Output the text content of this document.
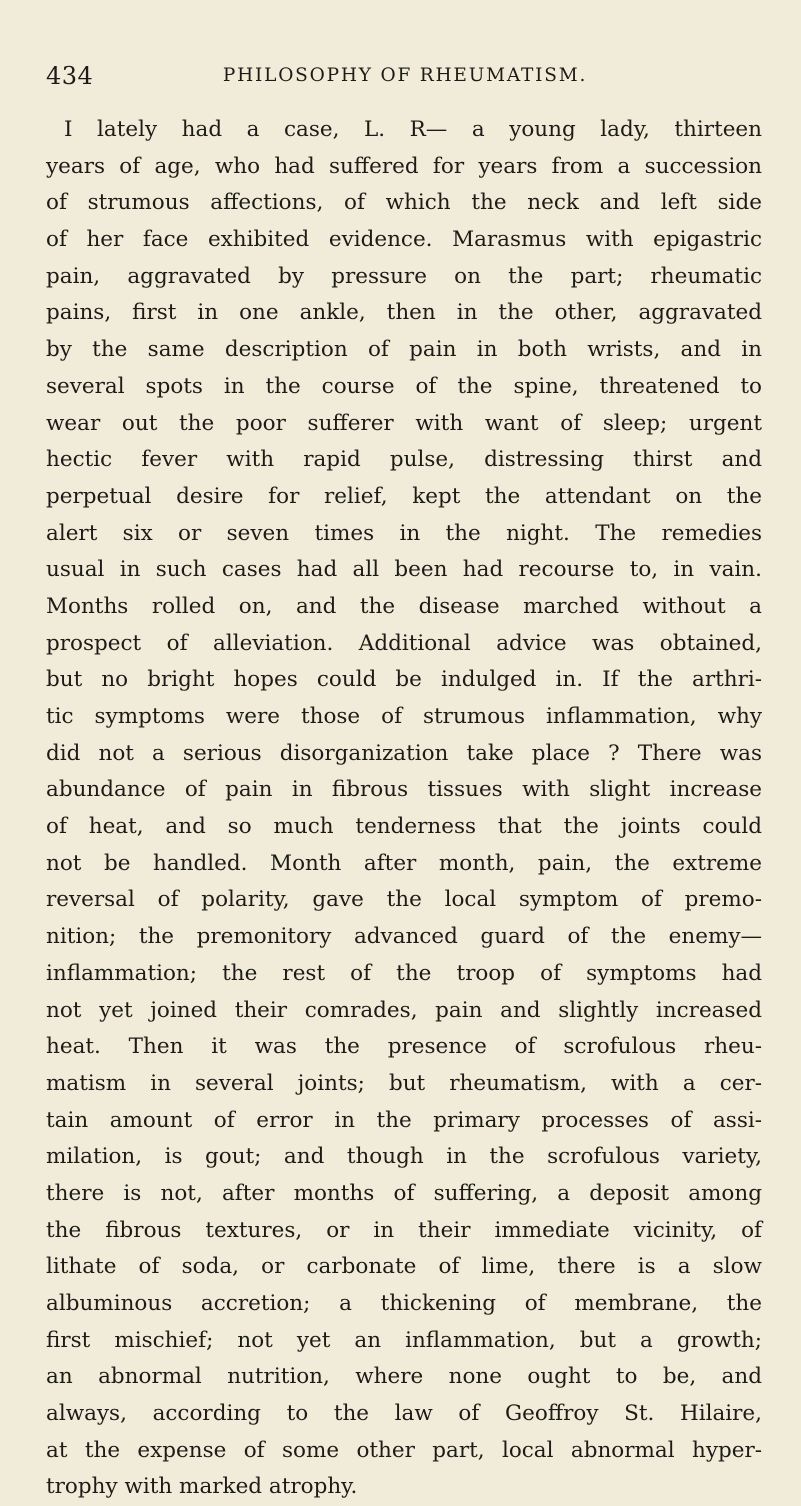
434	PHILOSOPHY OF RHEUMATISM.
I lately had a case, L. R— a young lady, thirteen
years of age, who had suffered for years from a succession
of strumous affections, of which the neck and left side
of her face exhibited evidence. Marasmus with epigastric
pain, aggravated by pressure on the part; rheumatic
pains, first in one ankle, then in the other, aggravated
by the same description of pain in both wrists, and in
several spots in the course of the spine, threatened to
wear out the poor sufferer with want of sleep; urgent
hectic fever with rapid pulse, distressing thirst and
perpetual desire for relief, kept the attendant on the
alert six or seven times in the night. The remedies
usual in such cases had all been had recourse to, in vain.
Months rolled on, and the disease marched without a
prospect of alleviation. Additional advice was obtained,
but no bright hopes could be indulged in. If the arthri-
tic symptoms were those of strumous inflammation, why
did not a serious disorganization take place ? There was
abundance of pain in fibrous tissues with slight increase
of heat, and so much tenderness that the joints could
not be handled. Month after month, pain, the extreme
reversal of polarity, gave the local symptom of premo-
nition; the premonitory advanced guard of the enemy—
inflammation; the rest of the troop of symptoms had
not yet joined their comrades, pain and slightly increased
heat. Then it was the presence of scrofulous rheu-
matism in several joints; but rheumatism, with a cer-
tain amount of error in the primary processes of assi-
milation, is gout; and though in the scrofulous variety,
there is not, after months of suffering, a deposit among
the fibrous textures, or in their immediate vicinity, of
lithate of soda, or carbonate of lime, there is a slow
albuminous accretion; a thickening of membrane, the
first mischief; not yet an inflammation, but a growth;
an abnormal nutrition, where none ought to be, and
always, according to the law of Geoffroy St. Hilaire,
at the expense of some other part, local abnormal hyper-
trophy with marked atrophy.
